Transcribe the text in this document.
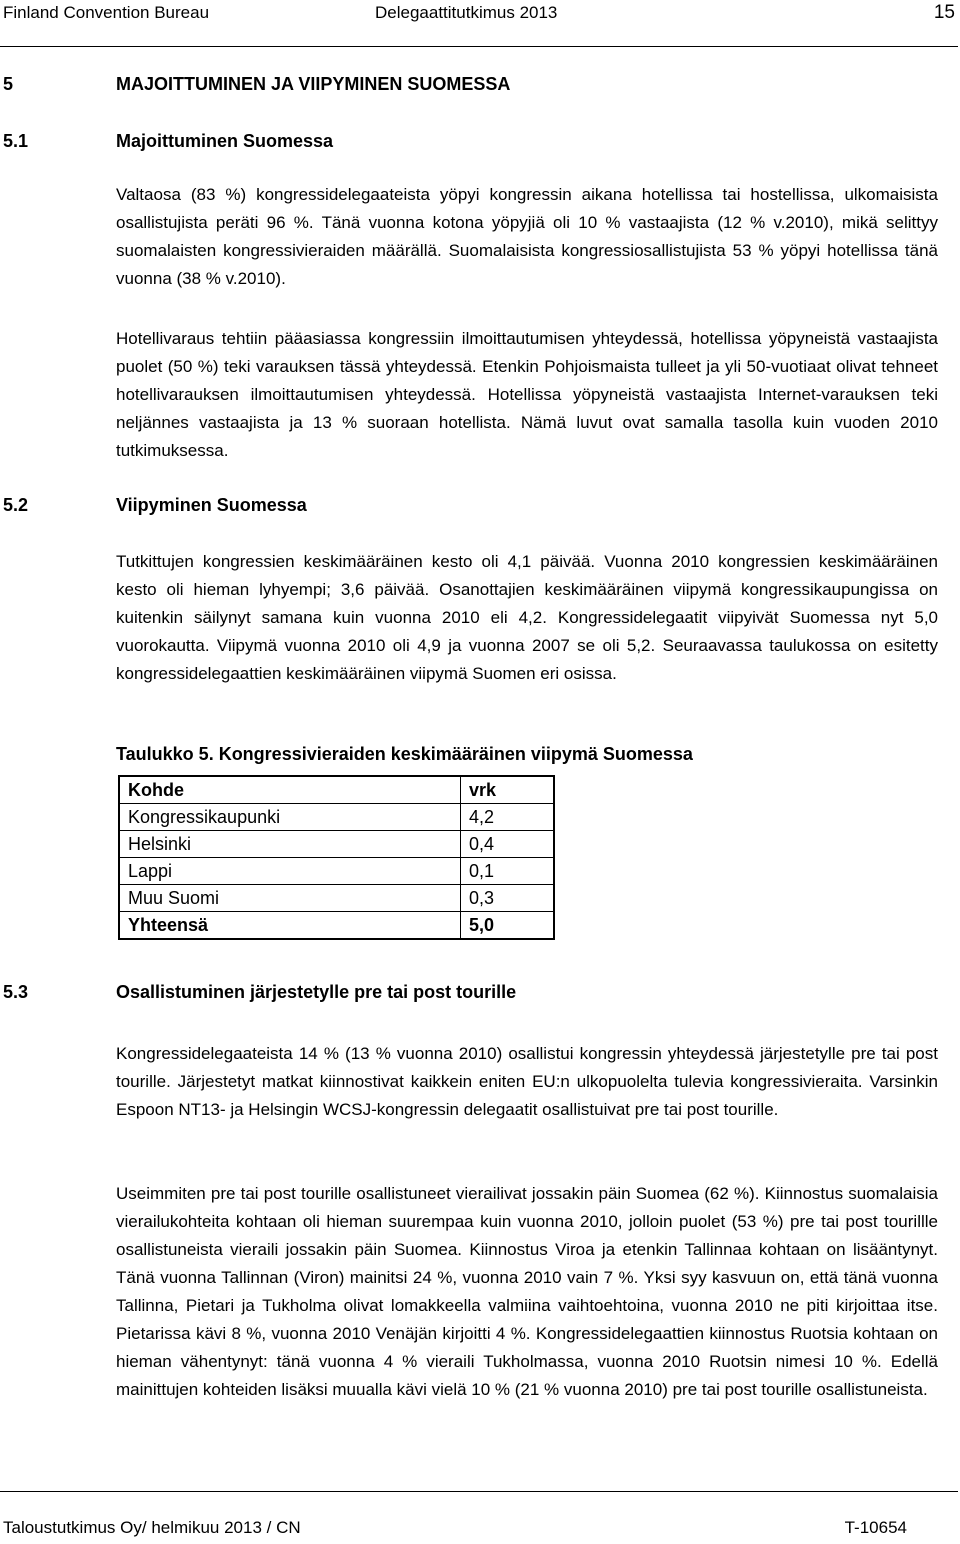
Finland Convention Bureau	Delegaattitutkimus 2013	15
5	MAJOITTUMINEN JA VIIPYMINEN SUOMESSA
5.1	Majoittuminen Suomessa

Valtaosa (83 %) kongressidelegaateista yöpyi kongressin aikana hotellissa tai hostellissa, ulkomaisista osallistujista peräti 96 %. Tänä vuonna kotona yöpyjiä oli 10 % vastaajista (12 % v.2010), mikä selittyy suomalaisten kongressivieraiden määrällä. Suomalaisista kongressiosallistujista 53 % yöpyi hotellissa tänä vuonna (38 % v.2010).

Hotellivaraus tehtiin pääasiassa kongressiin ilmoittautumisen yhteydessä, hotellissa yöpyneistä vastaajista puolet (50 %) teki varauksen tässä yhteydessä. Etenkin Pohjoismaista tulleet ja yli 50-vuotiaat olivat tehneet hotellivarauksen ilmoittautumisen yhteydessä. Hotellissa yöpyneistä vastaajista Internet-varauksen teki neljännes vastaajista ja 13 % suoraan hotellista. Nämä luvut ovat samalla tasolla kuin vuoden 2010 tutkimuksessa.

5.2	Viipyminen Suomessa

Tutkittujen kongressien keskimääräinen kesto oli 4,1 päivää. Vuonna 2010 kongressien keskimääräinen kesto oli hieman lyhyempi; 3,6 päivää. Osanottajien keskimääräinen viipymä kongressikaupungissa on kuitenkin säilynyt samana kuin vuonna 2010 eli 4,2. Kongressidelegaatit viipyivät Suomessa nyt 5,0 vuorokautta. Viipymä vuonna 2010 oli 4,9 ja vuonna 2007 se oli 5,2. Seuraavassa taulukossa on esitetty kongressidelegaattien keskimääräinen viipymä Suomen eri osissa.

Taulukko 5. Kongressivieraiden keskimääräinen viipymä Suomessa
Kohde	vrk
Kongressikaupunki	4,2
Helsinki	0,4
Lappi	0,1
Muu Suomi	0,3
Yhteensä	5,0
5.3	Osallistuminen järjestetylle pre tai post tourille

Kongressidelegaateista 14 % (13 % vuonna 2010) osallistui kongressin yhteydessä järjestetylle pre tai post tourille. Järjestetyt matkat kiinnostivat kaikkein eniten EU:n ulkopuolelta tulevia kongressivieraita. Varsinkin Espoon NT13- ja Helsingin WCSJ-kongressin delegaatit osallistuivat pre tai post tourille.

Useimmiten pre tai post tourille osallistuneet vierailivat jossakin päin Suomea (62 %). Kiinnostus suomalaisia vierailukohteita kohtaan oli hieman suurempaa kuin vuonna 2010, jolloin puolet (53 %) pre tai post tourillle osallistuneista vieraili jossakin päin Suomea. Kiinnostus Viroa ja etenkin Tallinnaa kohtaan on lisääntynyt. Tänä vuonna Tallinnan (Viron) mainitsi 24 %, vuonna 2010 vain 7 %. Yksi syy kasvuun on, että tänä vuonna Tallinna, Pietari ja Tukholma olivat lomakkeella valmiina vaihtoehtoina, vuonna 2010 ne piti kirjoittaa itse. Pietarissa kävi 8 %, vuonna 2010 Venäjän kirjoitti 4 %. Kongressidelegaattien kiinnostus Ruotsia kohtaan on hieman vähentynyt: tänä vuonna 4 % vieraili Tukholmassa, vuonna 2010 Ruotsin nimesi 10 %. Edellä mainittujen kohteiden lisäksi muualla kävi vielä 10 % (21 % vuonna 2010) pre tai post tourille osallistuneista.

Taloustutkimus Oy/ helmikuu 2013 / CN	T-10654
